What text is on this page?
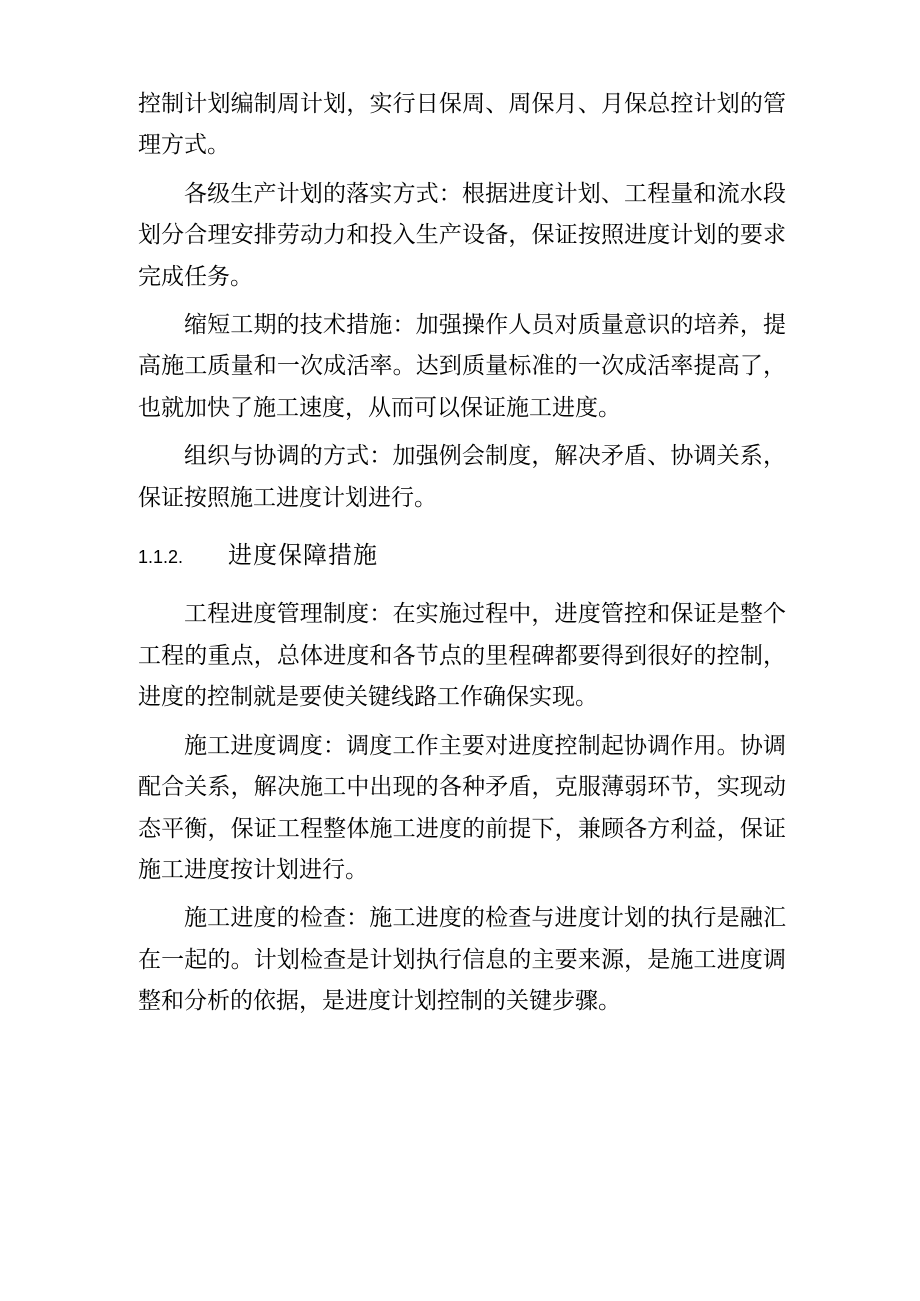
控制计划编制周计划，实行日保周、周保月、月保总控计划的管理方式。

各级生产计划的落实方式：根据进度计划、工程量和流水段划分合理安排劳动力和投入生产设备，保证按照进度计划的要求完成任务。

缩短工期的技术措施：加强操作人员对质量意识的培养，提高施工质量和一次成活率。达到质量标准的一次成活率提高了，也就加快了施工速度，从而可以保证施工进度。

组织与协调的方式：加强例会制度，解决矛盾、协调关系，保证按照施工进度计划进行。

1.1.2.	进度保障措施

工程进度管理制度：在实施过程中，进度管控和保证是整个工程的重点，总体进度和各节点的里程碑都要得到很好的控制，进度的控制就是要使关键线路工作确保实现。

施工进度调度：调度工作主要对进度控制起协调作用。协调配合关系，解决施工中出现的各种矛盾，克服薄弱环节，实现动态平衡，保证工程整体施工进度的前提下，兼顾各方利益，保证施工进度按计划进行。

施工进度的检查：施工进度的检查与进度计划的执行是融汇在一起的。计划检查是计划执行信息的主要来源，是施工进度调整和分析的依据，是进度计划控制的关键步骤。
